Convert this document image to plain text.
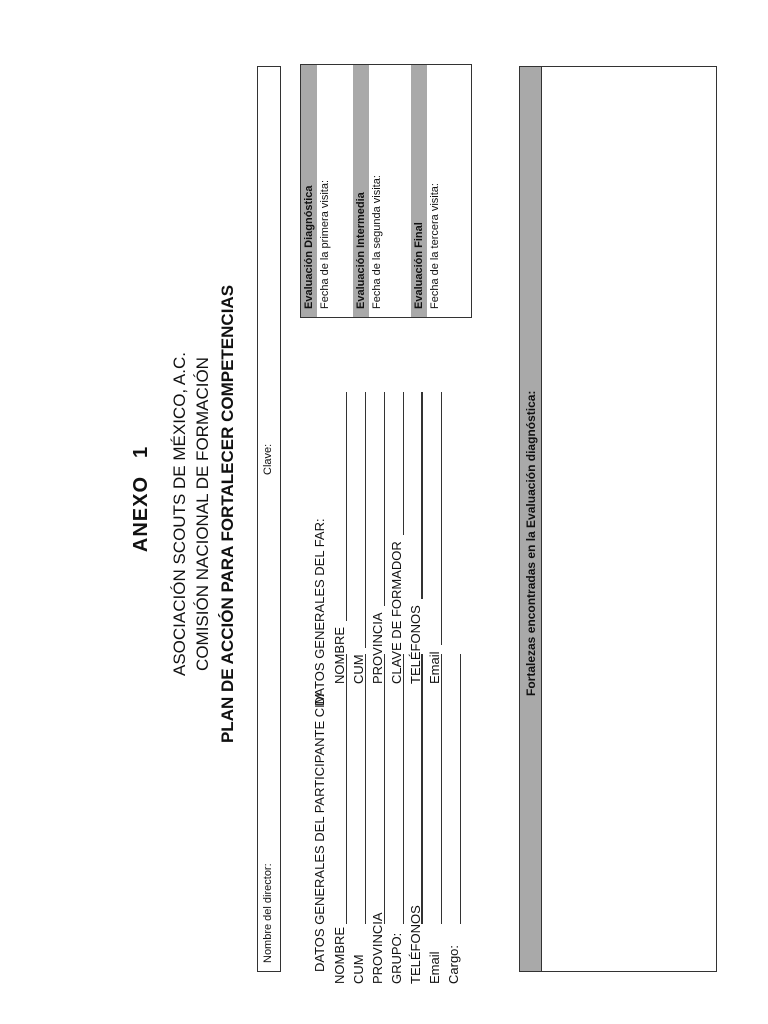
ANEXO1 ASOCIACIÓN SCOUTS DE MÉXICO, A.C. COMISIÓN NACIONAL DE FORMACIÓN PLAN DE ACCIÓN PARA FORTALECER COMPETENCIAS
Nombre del director:
Clave:
DATOS GENERALES DEL PARTICIPANTE CIM NOMBRE CUM PROVINCIA GRUPO: TELÉFONOS Email Cargo:
DATOS GENERALES DEL FAR: NOMBRE CUM PROVINCIA CLAVE DE FORMADOR TELÉFONOS Email
Evaluación Diagnóstica Fecha de la primera visita:	Evaluación Intermedia Fecha de la segunda visita:	Evaluación Final Fecha de la tercera visita:
Fortalezas encontradas en la Evaluación diagnóstica:
